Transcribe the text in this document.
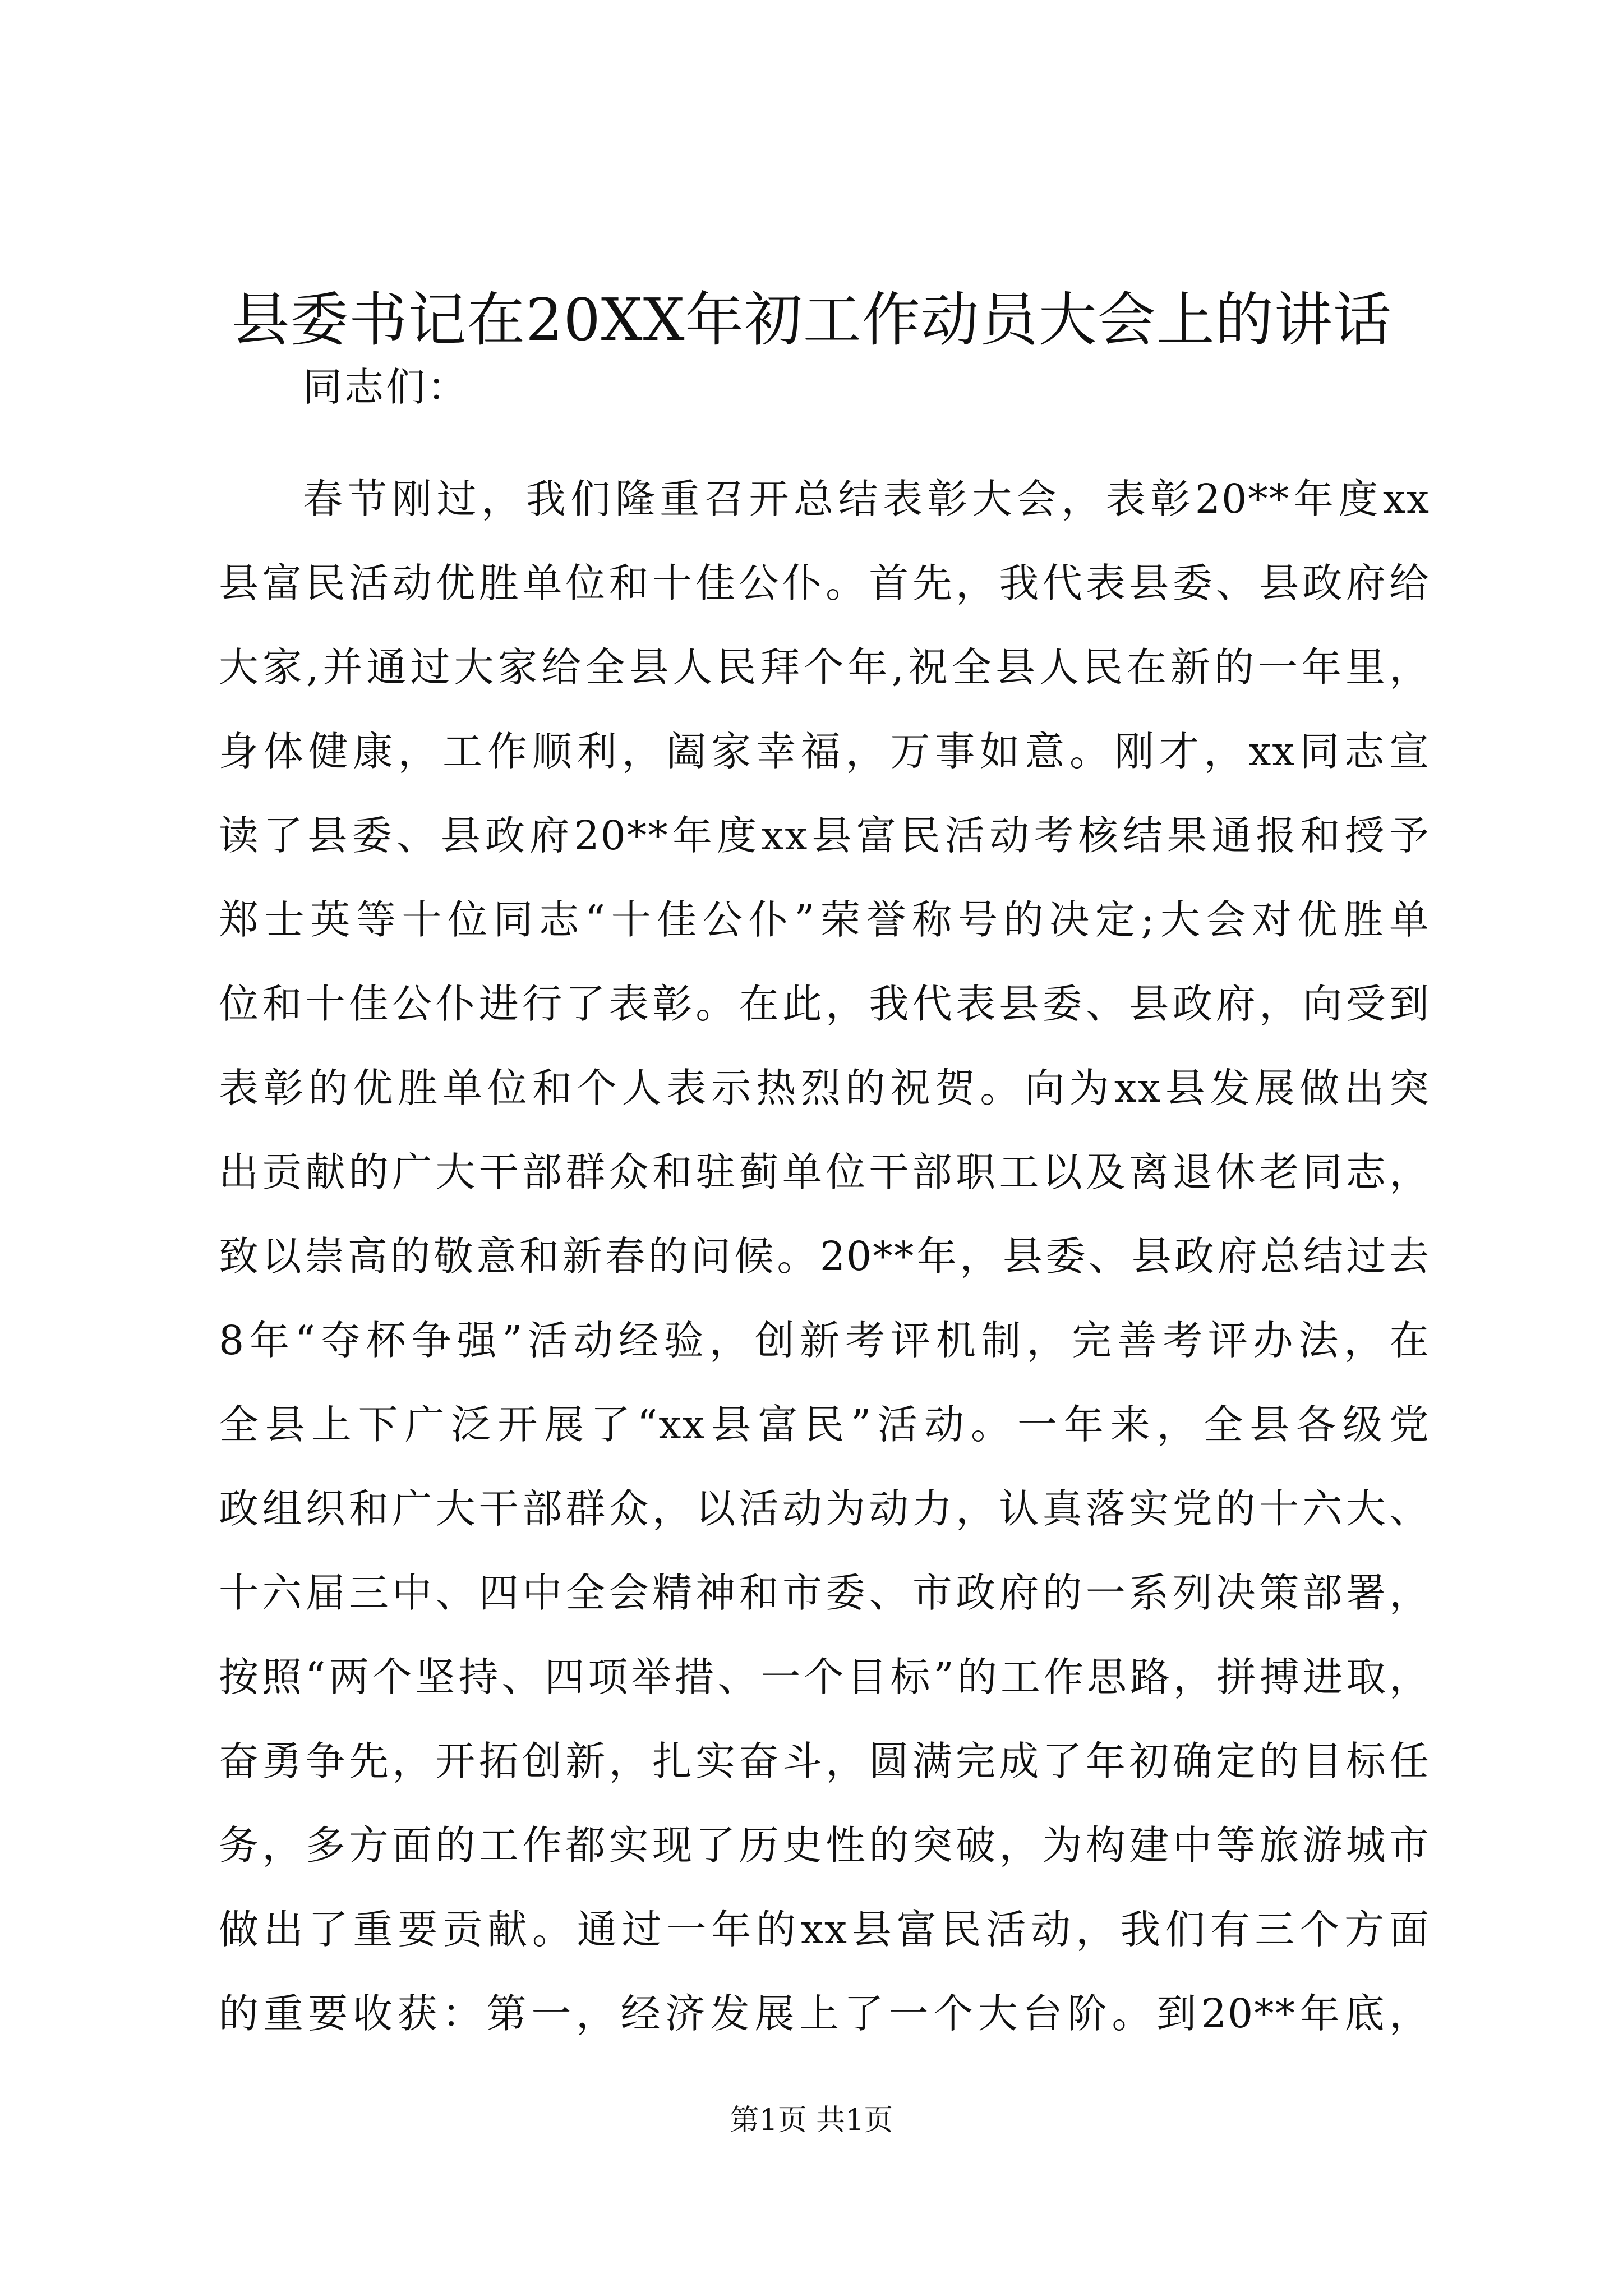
县委书记在20XX年初工作动员大会上的讲话
同志们：
春节刚过，我们隆重召开总结表彰大会，表彰20**年度xx
县富民活动优胜单位和十佳公仆。首先，我代表县委、县政府给
大家,并通过大家给全县人民拜个年,祝全县人民在新的一年里，
身体健康，工作顺利，阖家幸福，万事如意。刚才，xx同志宣
读了县委、县政府20**年度xx县富民活动考核结果通报和授予
郑士英等十位同志“十佳公仆”荣誉称号的决定;大会对优胜单
位和十佳公仆进行了表彰。在此，我代表县委、县政府，向受到
表彰的优胜单位和个人表示热烈的祝贺。向为xx县发展做出突
出贡献的广大干部群众和驻蓟单位干部职工以及离退休老同志，
致以崇高的敬意和新春的问候。20**年，县委、县政府总结过去
8年“夺杯争强”活动经验，创新考评机制，完善考评办法，在
全县上下广泛开展了“xx县富民”活动。一年来，全县各级党
政组织和广大干部群众，以活动为动力，认真落实党的十六大、
十六届三中、四中全会精神和市委、市政府的一系列决策部署，
按照“两个坚持、四项举措、一个目标”的工作思路，拼搏进取，
奋勇争先，开拓创新，扎实奋斗，圆满完成了年初确定的目标任
务，多方面的工作都实现了历史性的突破，为构建中等旅游城市
做出了重要贡献。通过一年的xx县富民活动，我们有三个方面
的重要收获：第一，经济发展上了一个大台阶。到20**年底，
第1页 共1页
